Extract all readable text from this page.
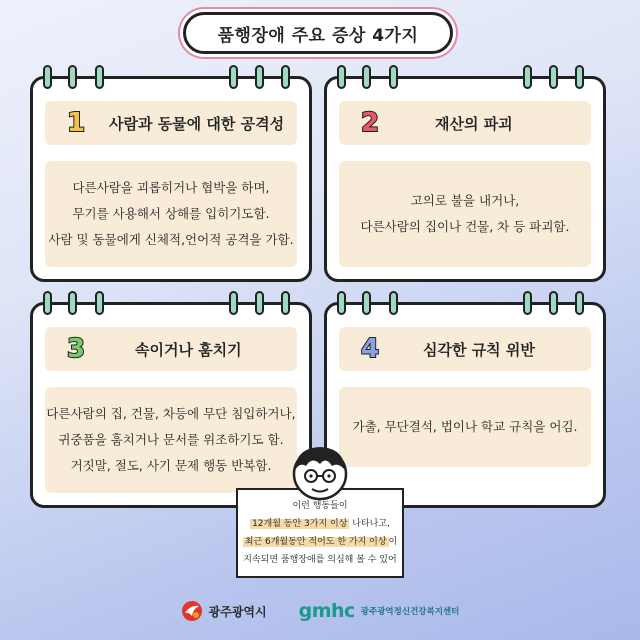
품행장애 주요 증상 4가지
1 사람과 동물에 대한 공격성
다른사람을 괴롭히거나 협박을 하며,
무기를 사용해서 상해를 입히기도함.
사람 및 동물에게 신체적,언어적 공격을 가함.
2	재산의 파괴
고의로 불을 내거나,
다른사람의 집이나 건물, 차 등 파괴함.
3	속이거나 훔치기
다른사람의 집, 건물, 차등에 무단 침입하거나,
귀중품을 훔치거나 문서를 위조하기도 함.
거짓말, 절도, 사기 문제 행동 반복함.
4	심각한 규칙 위반
가출, 무단결석, 법이나 학교 규칙을 어김.
이런 행동들이
12개월 동안 3가지 이상 나타나고,
최근 6개월동안 적어도 한 가지 이상 이
지속되면 품행장애를 의심해 볼 수 있어
광주광역시 gmhc 광주광역정신건강복지센터
